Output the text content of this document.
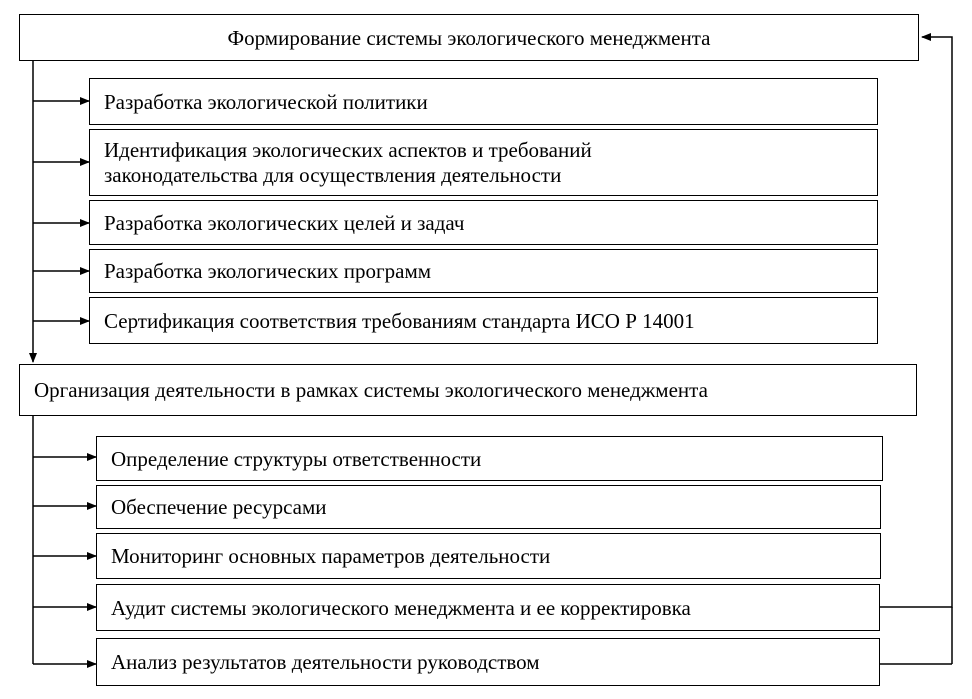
Формирование системы экологического менеджмента
Разработка экологической политики
Идентификация экологических аспектов и требований
законодательства для осуществления деятельности
Разработка экологических целей и задач
Разработка экологических программ
Сертификация соответствия требованиям стандарта ИСО Р 14001
Организация деятельности в рамках системы экологического менеджмента
Определение структуры ответственности
Обеспечение ресурсами
Мониторинг основных параметров деятельности
Аудит системы экологического менеджмента и ее корректировка
Анализ результатов деятельности руководством
